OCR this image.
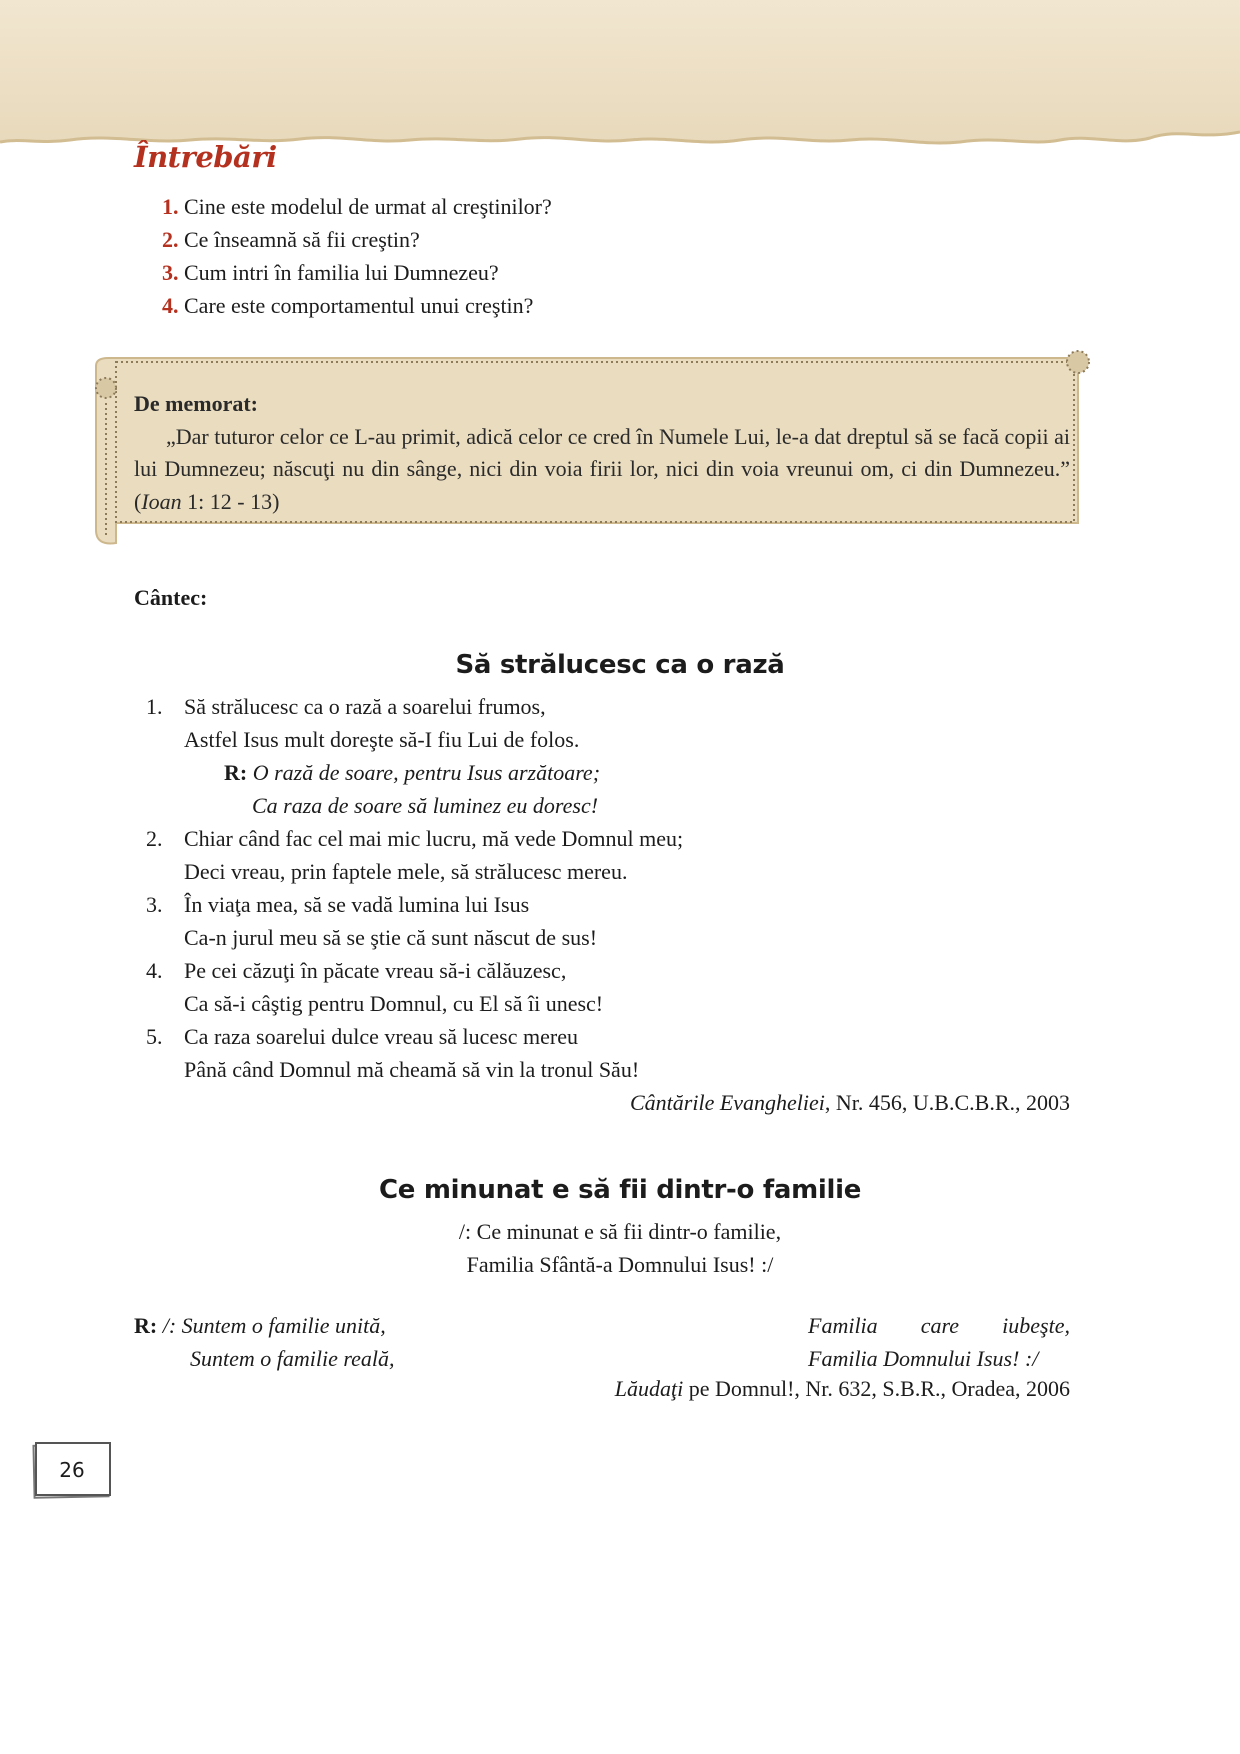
Întrebări
1. Cine este modelul de urmat al creştinilor?
2. Ce înseamnă să fii creştin?
3. Cum intri în familia lui Dumnezeu?
4. Care este comportamentul unui creştin?
De memorat:
„Dar tuturor celor ce L-au primit, adică celor ce cred în Numele Lui, le-a dat dreptul să se facă copii ai lui Dumnezeu; născuţi nu din sânge, nici din voia firii lor, nici din voia vreunui om, ci din Dumnezeu.” (Ioan 1: 12 - 13)
Cântec:
Să strălucesc ca o rază
1. Să strălucesc ca o rază a soarelui frumos,
Astfel Isus mult doreşte să-I fiu Lui de folos.
R: O rază de soare, pentru Isus arzătoare;
Ca raza de soare să luminez eu doresc!
2. Chiar când fac cel mai mic lucru, mă vede Domnul meu;
Deci vreau, prin faptele mele, să strălucesc mereu.
3. În viaţa mea, să se vadă lumina lui Isus
Ca-n jurul meu să se ştie că sunt născut de sus!
4. Pe cei căzuţi în păcate vreau să-i călăuzesc,
Ca să-i câştig pentru Domnul, cu El să îi unesc!
5. Ca raza soarelui dulce vreau să lucesc mereu
Până când Domnul mă cheamă să vin la tronul Său!
Cântările Evangheliei, Nr. 456, U.B.C.B.R., 2003
Ce minunat e să fii dintr-o familie
/: Ce minunat e să fii dintr-o familie,
Familia Sfântă-a Domnului Isus! :/
R: /: Suntem o familie unită,
Suntem o familie reală,
Familia care iubeşte,
Familia Domnului Isus! :/
Lăudaţi pe Domnul!, Nr. 632, S.B.R., Oradea, 2006
26
